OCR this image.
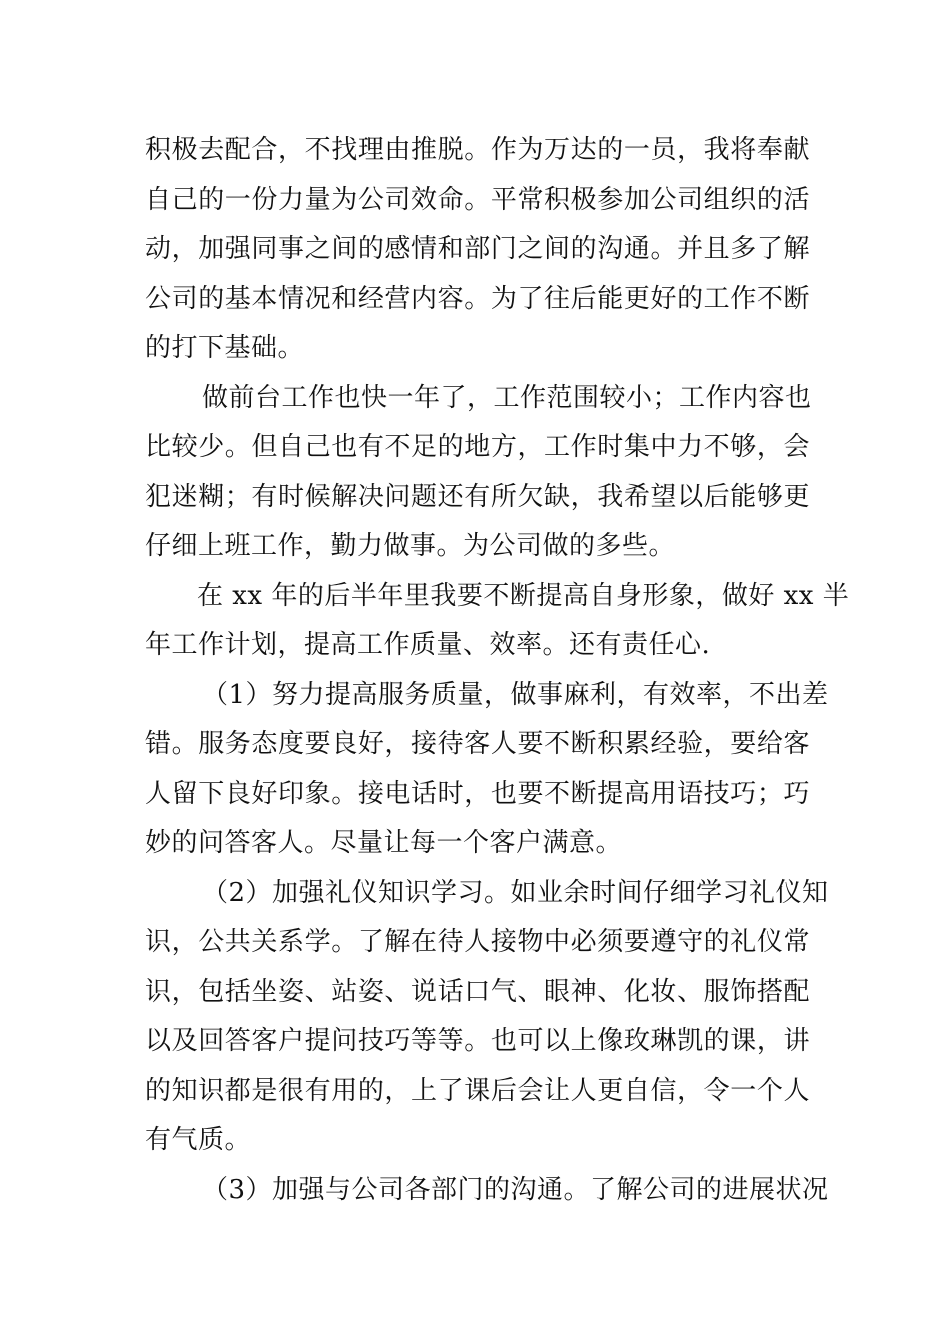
积极去配合，不找理由推脱。作为万达的一员，我将奉献
自己的一份力量为公司效命。平常积极参加公司组织的活
动，加强同事之间的感情和部门之间的沟通。并且多了解
公司的基本情况和经营内容。为了往后能更好的工作不断
的打下基础。
做前台工作也快一年了，工作范围较小；工作内容也
比较少。但自己也有不足的地方，工作时集中力不够，会
犯迷糊；有时候解决问题还有所欠缺，我希望以后能够更
仔细上班工作，勤力做事。为公司做的多些。
在 xx 年的后半年里我要不断提高自身形象，做好 xx 半
年工作计划，提高工作质量、效率。还有责任心.
（1）努力提高服务质量，做事麻利，有效率，不出差
错。服务态度要良好，接待客人要不断积累经验，要给客
人留下良好印象。接电话时，也要不断提高用语技巧；巧
妙的问答客人。尽量让每一个客户满意。
（2）加强礼仪知识学习。如业余时间仔细学习礼仪知
识，公共关系学。了解在待人接物中必须要遵守的礼仪常
识，包括坐姿、站姿、说话口气、眼神、化妆、服饰搭配
以及回答客户提问技巧等等。也可以上像玫琳凯的课，讲
的知识都是很有用的，上了课后会让人更自信，令一个人
有气质。
（3）加强与公司各部门的沟通。了解公司的进展状况
